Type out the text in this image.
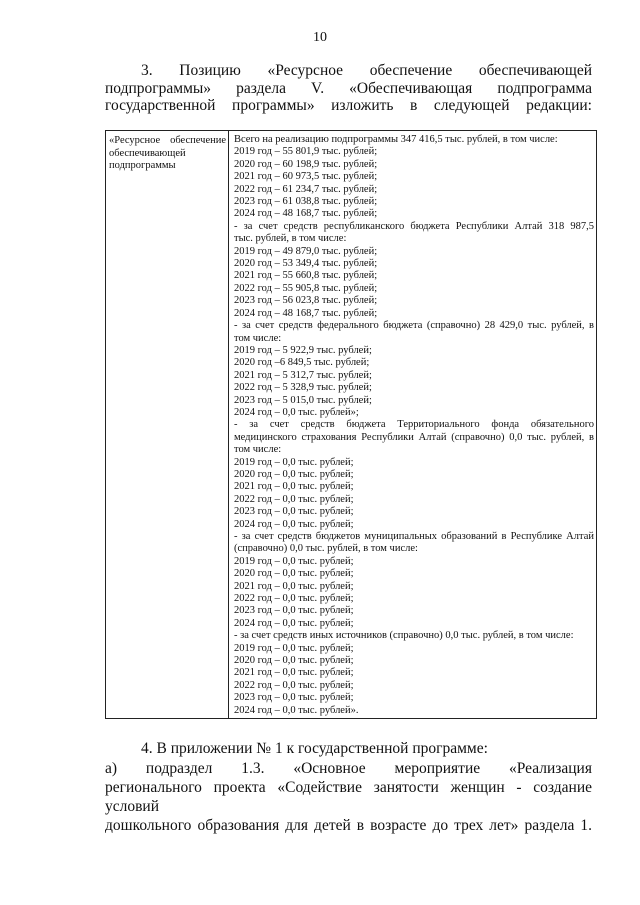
10
3. Позицию «Ресурсное обеспечение обеспечивающей
подпрограммы» раздела V. «Обеспечивающая подпрограмма
государственной программы» изложить в следующей редакции:
«Ресурсное обеспечение обеспечивающей подпрограммы
Всего на реализацию подпрограммы 347 416,5 тыс. рублей, в том числе:
2019 год – 55 801,9 тыс. рублей;
2020 год – 60 198,9 тыс. рублей;
2021 год – 60 973,5 тыс. рублей;
2022 год – 61 234,7 тыс. рублей;
2023 год – 61 038,8 тыс. рублей;
2024 год – 48 168,7 тыс. рублей;
- за счет средств республиканского бюджета Республики Алтай 318 987,5
тыс. рублей, в том числе:
2019 год – 49 879,0 тыс. рублей;
2020 год – 53 349,4 тыс. рублей;
2021 год – 55 660,8 тыс. рублей;
2022 год – 55 905,8 тыс. рублей;
2023 год – 56 023,8 тыс. рублей;
2024 год – 48 168,7 тыс. рублей;
- за счет средств федерального бюджета (справочно) 28 429,0 тыс. рублей, в
том числе:
2019 год – 5 922,9 тыс. рублей;
2020 год –6 849,5 тыс. рублей;
2021 год – 5 312,7 тыс. рублей;
2022 год – 5 328,9 тыс. рублей;
2023 год – 5 015,0 тыс. рублей;
2024 год – 0,0 тыс. рублей»;
- за счет средств бюджета Территориального фонда обязательного
медицинского страхования Республики Алтай (справочно) 0,0 тыс. рублей, в
том числе:
2019 год – 0,0 тыс. рублей;
2020 год – 0,0 тыс. рублей;
2021 год – 0,0 тыс. рублей;
2022 год – 0,0 тыс. рублей;
2023 год – 0,0 тыс. рублей;
2024 год – 0,0 тыс. рублей;
- за счет средств бюджетов муниципальных образований в Республике Алтай
(справочно) 0,0 тыс. рублей, в том числе:
2019 год – 0,0 тыс. рублей;
2020 год – 0,0 тыс. рублей;
2021 год – 0,0 тыс. рублей;
2022 год – 0,0 тыс. рублей;
2023 год – 0,0 тыс. рублей;
2024 год – 0,0 тыс. рублей;
- за счет средств иных источников (справочно) 0,0 тыс. рублей, в том числе:
2019 год – 0,0 тыс. рублей;
2020 год – 0,0 тыс. рублей;
2021 год – 0,0 тыс. рублей;
2022 год – 0,0 тыс. рублей;
2023 год – 0,0 тыс. рублей;
2024 год – 0,0 тыс. рублей».
4. В приложении № 1 к государственной программе:
а) подраздел 1.3. «Основное мероприятие «Реализация
регионального проекта «Содействие занятости женщин - создание условий
дошкольного образования для детей в возрасте до трех лет» раздела 1.
